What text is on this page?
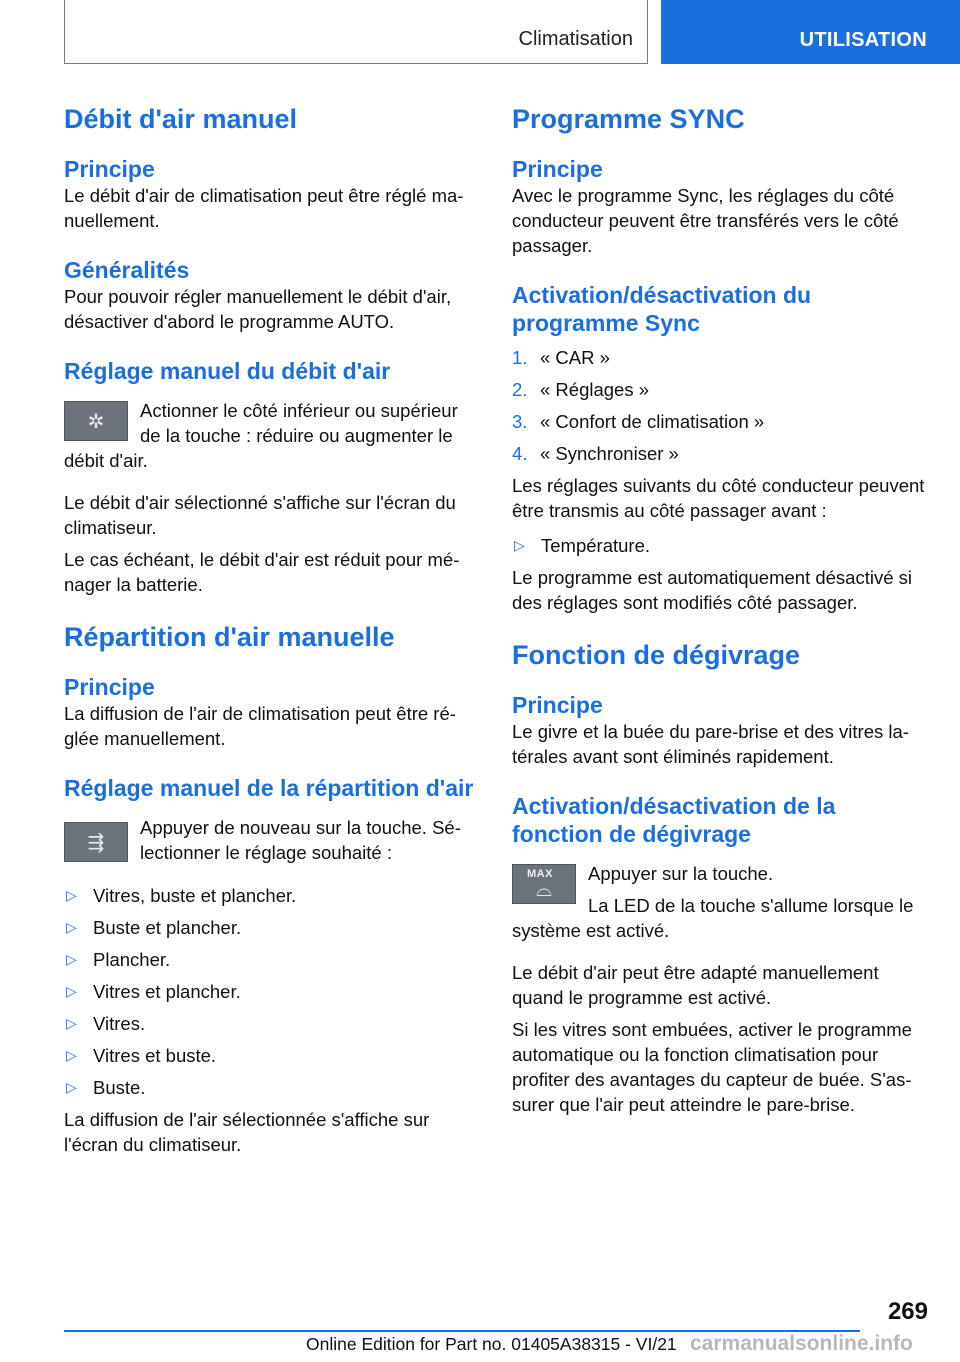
Climatisation	UTILISATION
Débit d'air manuel
Principe

Le débit d'air de climatisation peut être réglé manuellement.

Généralités

Pour pouvoir régler manuellement le débit d'air, désactiver d'abord le programme AUTO.

Réglage manuel du débit d'air
✲	Actionner le côté inférieur ou supérieur de la touche : réduire ou augmenter le débit d'air.

Le débit d'air sélectionné s'affiche sur l'écran du climatiseur.

Le cas échéant, le débit d'air est réduit pour ménager la batterie.

Répartition d'air manuelle
Principe

La diffusion de l'air de climatisation peut être réglée manuellement.

Réglage manuel de la répartition d'air
⇶

Appuyer de nouveau sur la touche. Sélectionner le réglage souhaité :

▷ Vitres, buste et plancher.
▷ Buste et plancher.
▷ Plancher.
▷ Vitres et plancher.
▷ Vitres.
▷ Vitres et buste.
▷ Buste.

La diffusion de l'air sélectionnée s'affiche sur l'écran du climatiseur.

Programme SYNC
Principe

Avec le programme Sync, les réglages du côté conducteur peuvent être transférés vers le côté passager.

Activation/désactivation du programme Sync
1. « CAR »
2. « Réglages »
3. « Confort de climatisation »
4. « Synchroniser »

Les réglages suivants du côté conducteur peuvent être transmis au côté passager avant :

▷ Température.

Le programme est automatiquement désactivé si des réglages sont modifiés côté passager.

Fonction de dégivrage
Principe

Le givre et la buée du pare-brise et des vitres latérales avant sont éliminés rapidement.

Activation/désactivation de la fonction de dégivrage
MAX
⌓

Appuyer sur la touche.

La LED de la touche s'allume lorsque le système est activé.

Le débit d'air peut être adapté manuellement quand le programme est activé.

Si les vitres sont embuées, activer le programme automatique ou la fonction climatisation pour profiter des avantages du capteur de buée. S'assurer que l'air peut atteindre le pare-brise.

269
Online Edition for Part no. 01405A38315 - VI/21 carmanualsonline.info
